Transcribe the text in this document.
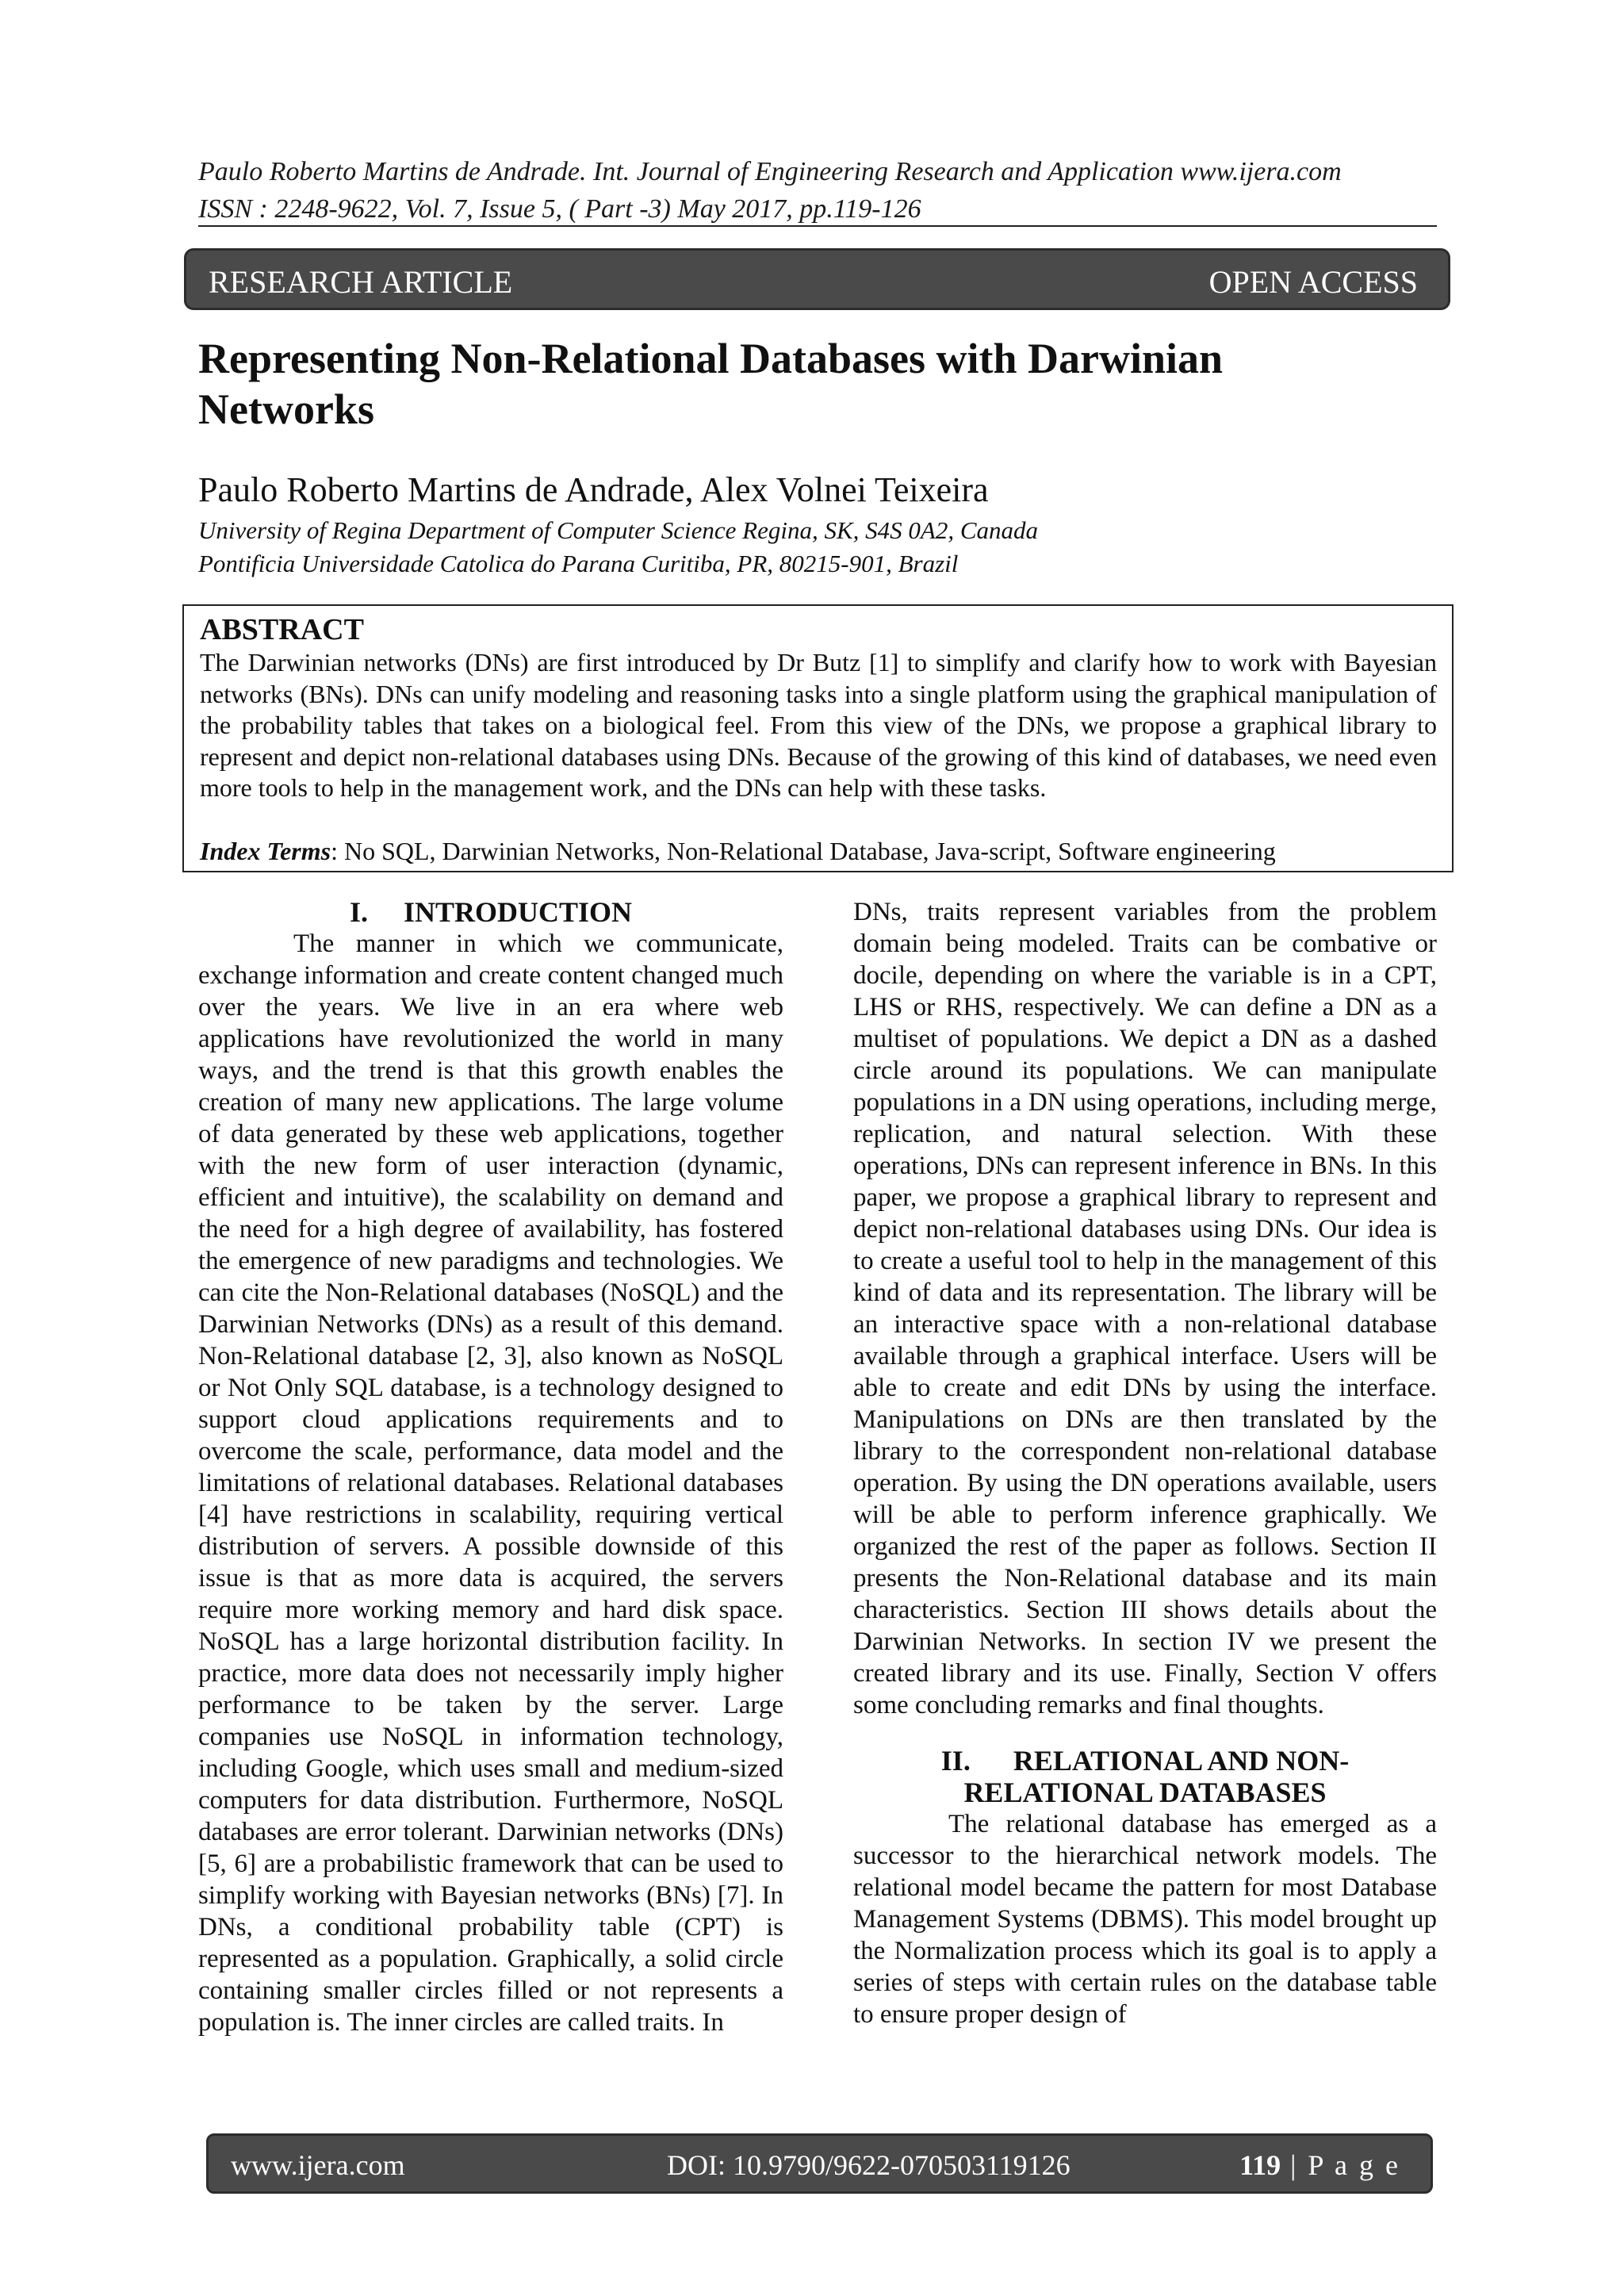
Paulo Roberto Martins de Andrade. Int. Journal of Engineering Research and Application www.ijera.com
ISSN : 2248-9622, Vol. 7, Issue 5, ( Part -3) May 2017, pp.119-126
RESEARCH ARTICLE	OPEN ACCESS
Representing Non-Relational Databases with Darwinian Networks
Paulo Roberto Martins de Andrade, Alex Volnei Teixeira
University of Regina Department of Computer Science Regina, SK, S4S 0A2, Canada
Pontificia Universidade Catolica do Parana Curitiba, PR, 80215-901, Brazil
ABSTRACT
The Darwinian networks (DNs) are first introduced by Dr Butz [1] to simplify and clarify how to work with Bayesian networks (BNs). DNs can unify modeling and reasoning tasks into a single platform using the graphical manipulation of the probability tables that takes on a biological feel. From this view of the DNs, we propose a graphical library to represent and depict non-relational databases using DNs. Because of the growing of this kind of databases, we need even more tools to help in the management work, and the DNs can help with these tasks.
Index Terms: No SQL, Darwinian Networks, Non-Relational Database, Java-script, Software engineering
I.     INTRODUCTION

The manner in which we communicate, exchange information and create content changed much over the years. We live in an era where web applications have revolutionized the world in many ways, and the trend is that this growth enables the creation of many new applications. The large volume of data generated by these web applications, together with the new form of user interaction (dynamic, efficient and intuitive), the scalability on demand and the need for a high degree of availability, has fostered the emergence of new paradigms and technologies. We can cite the Non-Relational databases (NoSQL) and the Darwinian Networks (DNs) as a result of this demand. Non-Relational database [2, 3], also known as NoSQL or Not Only SQL database, is a technology designed to support cloud applications requirements and to overcome the scale, performance, data model and the limitations of relational databases. Relational databases [4] have restrictions in scalability, requiring vertical distribution of servers. A possible downside of this issue is that as more data is acquired, the servers require more working memory and hard disk space. NoSQL has a large horizontal distribution facility. In practice, more data does not necessarily imply higher performance to be taken by the server. Large companies use NoSQL in information technology, including Google, which uses small and medium-sized computers for data distribution. Furthermore, NoSQL databases are error tolerant. Darwinian networks (DNs) [5, 6] are a probabilistic framework that can be used to simplify working with Bayesian networks (BNs) [7]. In DNs, a conditional probability table (CPT) is represented as a population. Graphically, a solid circle containing smaller circles filled or not represents a population is. The inner circles are called traits. In

DNs, traits represent variables from the problem domain being modeled. Traits can be combative or docile, depending on where the variable is in a CPT, LHS or RHS, respectively. We can define a DN as a multiset of populations. We depict a DN as a dashed circle around its populations. We can manipulate populations in a DN using operations, including merge, replication, and natural selection. With these operations, DNs can represent inference in BNs. In this paper, we propose a graphical library to represent and depict non-relational databases using DNs. Our idea is to create a useful tool to help in the management of this kind of data and its representation. The library will be an interactive space with a non-relational database available through a graphical interface. Users will be able to create and edit DNs by using the interface. Manipulations on DNs are then translated by the library to the correspondent non-relational database operation. By using the DN operations available, users will be able to perform inference graphically. We organized the rest of the paper as follows. Section II presents the Non-Relational database and its main characteristics. Section III shows details about the Darwinian Networks. In section IV we present the created library and its use. Finally, Section V offers some concluding remarks and final thoughts.

II.      RELATIONAL AND NON-
RELATIONAL DATABASES

The relational database has emerged as a successor to the hierarchical network models. The relational model became the pattern for most Database Management Systems (DBMS). This model brought up the Normalization process which its goal is to apply a series of steps with certain rules on the database table to ensure proper design of

www.ijera.com	DOI: 10.9790/9622-070503119126	119 | P a g e
